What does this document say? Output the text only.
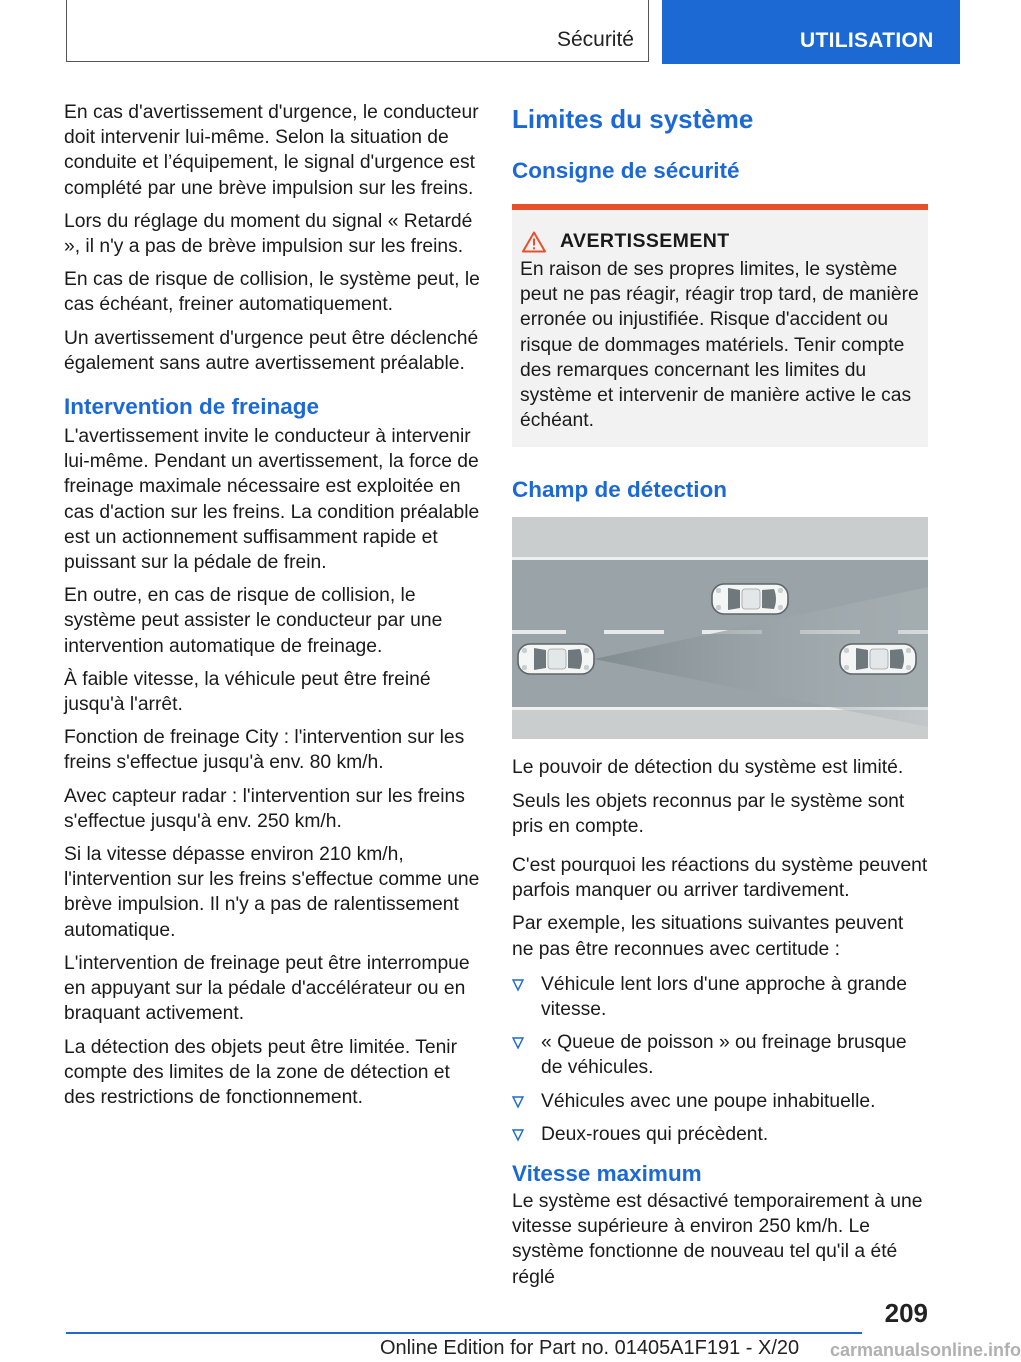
Sécurité	UTILISATION

En cas d'avertissement d'urgence, le conducteur doit intervenir lui-même. Selon la situation de conduite et l’équipement, le signal d'urgence est complété par une brève impulsion sur les freins.

Lors du réglage du moment du signal « Retardé », il n'y a pas de brève impulsion sur les freins.

En cas de risque de collision, le système peut, le cas échéant, freiner automatiquement.

Un avertissement d'urgence peut être déclenché également sans autre avertissement préalable.

Intervention de freinage

L'avertissement invite le conducteur à intervenir lui-même. Pendant un avertissement, la force de freinage maximale nécessaire est exploitée en cas d'action sur les freins. La condition préalable est un actionnement suffisamment rapide et puissant sur la pédale de frein.

En outre, en cas de risque de collision, le système peut assister le conducteur par une intervention automatique de freinage.

À faible vitesse, la véhicule peut être freiné jusqu'à l'arrêt.

Fonction de freinage City : l'intervention sur les freins s'effectue jusqu'à env. 80 km/h.

Avec capteur radar : l'intervention sur les freins s'effectue jusqu'à env. 250 km/h.

Si la vitesse dépasse environ 210 km/h, l'intervention sur les freins s'effectue comme une brève impulsion. Il n'y a pas de ralentissement automatique.

L'intervention de freinage peut être interrompue en appuyant sur la pédale d'accélérateur ou en braquant activement.

La détection des objets peut être limitée. Tenir compte des limites de la zone de détection et des restrictions de fonctionnement.

Limites du système
Consigne de sécurité
AVERTISSEMENT

En raison de ses propres limites, le système peut ne pas réagir, réagir trop tard, de manière erronée ou injustifiée. Risque d'accident ou risque de dommages matériels. Tenir compte des remarques concernant les limites du système et intervenir de manière active le cas échéant.

Champ de détection

Le pouvoir de détection du système est limité.

Seuls les objets reconnus par le système sont pris en compte.

C'est pourquoi les réactions du système peuvent parfois manquer ou arriver tardivement.

Par exemple, les situations suivantes peuvent ne pas être reconnues avec certitude :

Véhicule lent lors d'une approche à grande vitesse.
« Queue de poisson » ou freinage brusque de véhicules.
Véhicules avec une poupe inhabituelle.
Deux-roues qui précèdent.
Vitesse maximum

Le système est désactivé temporairement à une vitesse supérieure à environ 250 km/h. Le système fonctionne de nouveau tel qu'il a été réglé

209
Online Edition for Part no. 01405A1F191 - X/20 carmanualsonline.info
